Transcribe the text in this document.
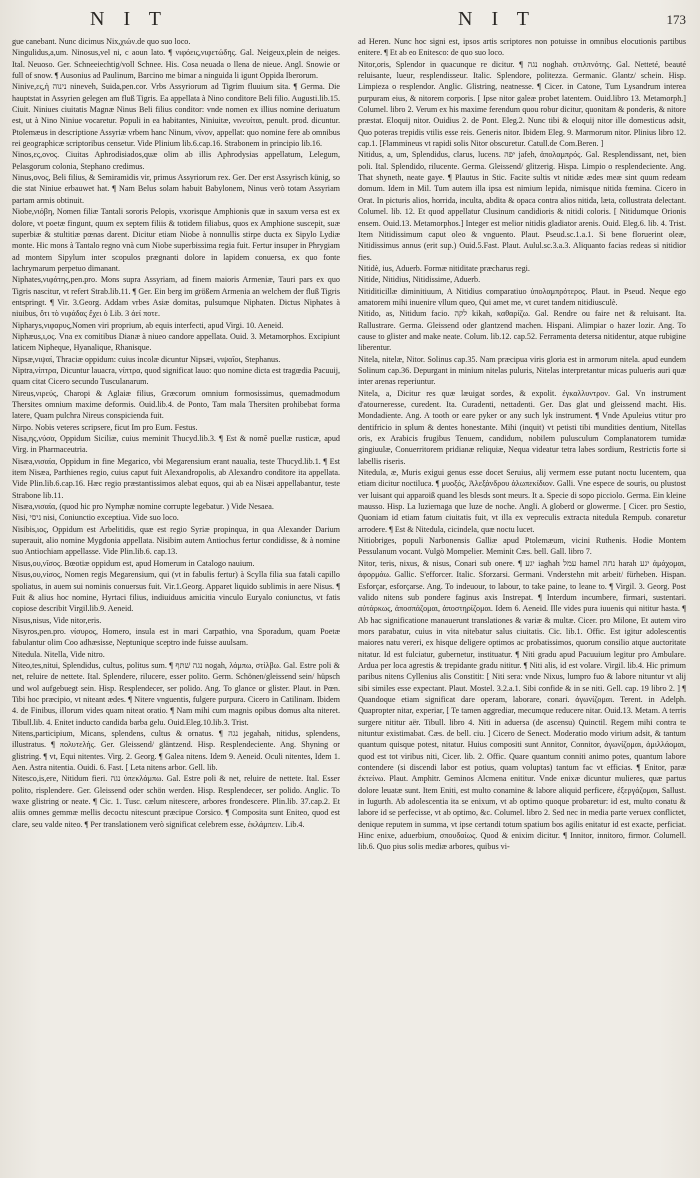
N I T	N I T	173

gue canebant. Nunc dicimus Nix,χιών.de quo suo loco.

Ningulidus,a,um. Ninosus,vel ni, c aoun lato. ¶ νιφόεις,νιφετώδης. Gal. Neigeux,plein de neiges. Ital. Neuoso. Ger. Schneeiechtig/voll Schnee. His. Cosa neuada o llena de nieue. Angl. Snowie or full of snow. ¶ Ausonius ad Paulinum, Barcino me bimar a ninguida li igunt Oppida Iberorum.

Ninive,ες,ἡ נינוה nineveh, Suida,pen.cor. Vrbs Assyriorum ad Tigrim fluuium sita. ¶ Germa. Die hauptstat in Assyrien gelegen am fluß Tigris. Ea appellata à Nino conditore Beli filio. Augusti.lib.15. Ciuit. Niniues ciuitatis Magnæ Ninus Beli filius conditor: vnde nomen ex illius nomine deriuatum est, ut à Nino Niniue vocaretur. Populi in ea habitantes, Niniuitæ, νινευίται, penult. prod. dicuntur. Ptolemæus in descriptione Assyriæ vrbem hanc Ninum, νίνον, appellat: quo nomine fere ab omnibus rei geographicæ scriptoribus censetur. Vide Plinium lib.6.cap.16. Strabonem in principio lib.16.

Ninos,ες,ονος. Ciuitas Aphrodisiados,quæ olim ab illis Aphrodysias appellatum, Lelegum, Pelasgorum colonia, Stephano credimus.

Ninus,ονος, Beli filius, & Semiramidis vir, primus Assyriorum rex. Ger. Der erst Assyrisch künig, so die stat Niniue erbauwet hat. ¶ Nam Belus solam habuit Babylonem, Ninus verò totam Assyriam partam armis obtinuit.

Niobe,νιόβη, Nomen filiæ Tantali sororis Pelopis, vxorisque Amphionis quæ in saxum versa est ex dolore, vt poetæ fingunt, quum ex septem filiis & totidem filiabus, quos ex Amphione suscepit, suæ superbiæ & stultitiæ pœnas darent. Dicitur etiam Niobe à nonnullis stirpe ducta ex Sipylo Lydiæ monte. Hic mons à Tantalo regno vnà cum Niobe superbissima regia fuit. Fertur insuper in Phrygiam ad montem Sipylum inter scopulos prægnanti dolore in lapidem conuersa, ex quo fonte lachrymarum perpetuo dimanant.

Niphates,νιφάτης,pen.pro. Mons supra Assyriam, ad finem maioris Armeniæ, Tauri pars ex quo Tigris nascitur, vt refert Strab.lib.11. ¶ Ger. Ein berg im größern Armenia an welchem der fluß Tigris entspringt. ¶ Vir. 3.Georg. Addam vrbes Asiæ domitas, pulsumque Niphaten. Dictus Niphates à niuibus, ὅτι τὸ νιφάδας ἔχει ὁ Lib. 3 ἀεί ποτε.

Nipharys,νιφαρυς,Nomen viri proprium, ab equis interfecti, apud Virgi. 10. Aeneid.

Niphæus,ι,ος. Vna ex comitibus Dianæ à niueo candore appellata. Ouid. 3. Metamorphos. Excipiunt laticem Nipheque, Hyanalique, Rhanisque.

Nipsæ,νιψαί, Thraciæ oppidum: cuius incolæ dicuntur Nipsæi, νιψαῖοι, Stephanus.

Niptra,νίπτρα, Dicuntur lauacra, νίπτρα, quod significat lauo: quo nomine dicta est tragœdia Pacuuij, quam citat Cicero secundo Tusculanarum.

Nireus,νιρεύς, Charopi & Aglaiæ filius, Græcorum omnium formosissimus, quemadmodum Thersites omnium maxime deformis. Ouid.lib.4. de Ponto, Tam mala Thersiten prohibebat forma latere, Quam pulchra Nireus conspicienda fuit.

Nirpo. Nobis veteres scripsere, ficut Im pro Eum. Festus.

Nisa,ης,νύσα, Oppidum Siciliæ, cuius meminit Thucyd.lib.3. ¶ Est & nomē puellæ rusticæ, apud Virg. in Pharmaceutria.

Nisæa,νισαία, Oppidum in fine Megarico, vbi Megarensium erant naualia, teste Thucyd.lib.1. ¶ Est item Nisæa, Parthienes regio, cuius caput fuit Alexandropolis, ab Alexandro conditore ita appellata. Vide Plin.lib.6.cap.16. Hæc regio præstantissimos alebat equos, qui ab ea Nisæi appellabantur, teste Strabone lib.11.

Nisæa,νισαία, (quod hic pro Nymphæ nomine corrupte legebatur. ) Vide Nesaea.

Nisi, ניסי nisi, Coniunctio exceptiua. Vide suo loco.

Nisibis,ιος, Oppidum est Arbelitidis, quæ est regio Syriæ propinqua, in qua Alexander Darium superauit, alio nomine Mygdonia appellata. Nisibim autem Antiochus fertur condidisse, & à nomine suo Antiochiam appellasse. Vide Plin.lib.6. cap.13.

Nisus,ου,νῖσος. Bœotiæ oppidum est, apud Homerum in Catalogo nauium.

Nisus,ου,νίσος, Nomen regis Megarensium, qui (vt in fabulis fertur) à Scylla filia sua fatali capillo spoliatus, in auem sui nominis conuersus fuit. Vir.1.Georg. Apparet liquido sublimis in aere Nisus. ¶ Fuit & alius hoc nomine, Hyrtaci filius, indiuiduus amicitia vinculo Euryalo coniunctus, vt fatis copiose describit Virgil.lib.9. Aeneid.

Nisus,nisus, Vide nitor,eris.

Nisyros,pen.pro. νίσυρος, Homero, insula est in mari Carpathio, vna Sporadum, quam Poetæ fabulantur olim Coo adhæsisse, Neptunique sceptro inde fuisse auulsam.

Nitedula. Nitella, Vide nitro.

Niteo,tes,nitui, Splendidus, cultus, politus sum. ¶ נגה שׁתּף nogah, λάμπω, στίλβω. Gal. Estre poli & net, reluire de nettete. Ital. Splendere, rilucere, esser polito. Germ. Schönen/gleissend sein/ hüpsch und wol aufgebuegt sein. Hisp. Resplendecer, ser polido. Ang. To glance or glister. Plaut. in Pœn. Tibi hoc præcipio, vt niteant ædes. ¶ Nitere vnguentis, fulgere purpura. Cicero in Catilinam. Ibidem 4. de Finibus, illorum vides quam niteat oratio. ¶ Nam mihi cum magnis opibus domus alta niteret. Tibull.lib. 4. Enitet inducto candida barba gelu. Ouid.Eleg.10.lib.3. Trist.

Nitens,participium, Micans, splendens, cultus & ornatus. ¶ נגה jegahah, nitidus, splendens, illustratus. ¶ πολυτελής. Ger. Gleissend/ gläntzend. Hisp. Resplendeciente. Ang. Shyning or glistring. ¶ vt, Equi nitentes. Virg. 2. Georg. ¶ Galea nitens. Idem 9. Aeneid. Oculi nitentes, Idem 1. Aen. Astra nitentia. Ouidi. 6. Fast. [ Leta nitens arbor. Gell. lib.

Nitesco,is,ere, Nitidum fieri. נגה ὑπεκλάμπω. Gal. Estre poli & net, reluire de nettete. Ital. Esser polito, risplendere. Ger. Gleissend oder schön werden. Hisp. Resplendecer, ser polido. Anglic. To waxe glistring or neate. ¶ Cic. 1. Tusc. cælum nitescere, arbores frondescere. Plin.lib. 37.cap.2. Et aliis omnes gemmæ mellis decoctu nitescunt præcipue Corsico. ¶ Composita sunt Eniteo, quod est clare, seu valde niteo. ¶ Per translationem verò significat celebrem esse, ἐκλάμπειν. Lib.4.

ad Heren. Nunc hoc signi est, ipsos artis scriptores non potuisse in omnibus elocutionis partibus enitere. ¶ Et ab eo Enitesco: de quo suo loco.

Nitor,oris, Splendor in quacunque re dicitur. ¶ נגה noghah. στιλπνότης. Gal. Netteté, beauté reluisante, lueur, resplendisseur. Italic. Splendore, politezza. Germanic. Glantz/ schein. Hisp. Limpieza o resplendor. Anglic. Glistring, neatnesse. ¶ Cicer. in Catone, Tum Lysandrum interea purpuram eius, & nitorem corporis. [ Ipse nitor galeæ probet latentem. Ouid.libro 13. Metamorph.] Columel. libro 2. Verum ex his maxime ferendum quou robur dicitur, quonitam & ponderis, & nitore præstat. Eloquij nitor. Ouidius 2. de Pont. Eleg.2. Nunc tibi & eloquij nitor ille domesticus adsit, Quo poteras trepidis vtilis esse reis. Generis nitor. Ibidem Eleg. 9. Marmorum nitor. Plinius libro 12. cap.1. [Flammineus vt rapidi solis Nitor obscuretur. Catull.de Com.Beren. ]

Nitidus, a, um, Splendidus, clarus, lucens. יפה jafeh, ἀπολαμπρός. Gal. Resplendissant, net, bien poli. Ital. Splendido, rilucente. Germa. Gleissend/ glitzerig. Hispa. Limpio o resplendeciente. Ang. That shyneth, neate gaye. ¶ Plautus in Stic. Facite sultis vt nitidæ ædes meæ sint quum redeam domum. Idem in Mil. Tum autem illa ipsa est nimium lepida, nimisque nitida fœmina. Cicero in Orat. In picturis alios, horrida, inculta, abdita & opaca contra alios nitida, læta, collustrata delectant. Columel. lib. 12. Et quod appellatur Clusinum candidioris & nitidi coloris. [ Nitidumque Orionis ensem. Ouid.13. Metamorphos.] Integer est melior nitidis gladiator arenis. Ouid. Eleg.6. lib. 4. Trist. Item Nitidissimum caput oleo & vnguento. Plaut. Pseud.sc.1.a.1. Si bene floruerint oleæ, Nitidissimus annus (erit sup.) Ouid.5.Fast. Plaut. Aulul.sc.3.a.3. Aliquanto facias redeas si nitidior fies.

Nitidè, ius, Aduerb. Formæ nitiditate præcharus regi.

Nitide, Nitidius, Nitidissime, Aduerb.

Nitiditicillæ diminitiuum, A Nitidius comparatiuo ὑπολαμπρότερος. Plaut. in Pseud. Neque ego amatorem mihi inuenire vllum queo, Qui amet me, vt curet tandem nitidiusculè.

Nitido, as, Nitidum facio. לקה kikah, καθαρίζω. Gal. Rendre ou faire net & reluisant. Ita. Rallustrare. Germa. Gleissend oder glantzend machen. Hispani. Alimpiar o hazer lozir. Ang. To cause to glister and make neate. Colum. lib.12. cap.52. Ferramenta detersa nitidentur, atque rubigine liberentur.

Nitela, nitelæ, Nitor. Solinus cap.35. Nam præcipua viris gloria est in armorum nitela. apud eundem Solinum cap.36. Depurgant in minium nitelas puluris, Nitelas interpretantur micas pulueris auri quæ inter arenas reperiuntur.

Nitela, a, Dicitur res quæ læuigat sordes, & expolit. ἐγκαλλυντρον. Gal. Vn instrument d'atourneresse, curedent. Ita. Curadenti, nettadenti. Ger. Das glat und gleissend macht. His. Mondadiente. Ang. A tooth or eare pyker or any such lyk instrument. ¶ Vnde Apuleius vtitur pro dentifricio in splum & dentes honestante. Mihi (inquit) vt petisti tibi mundities dentium, Nitellas oris, ex Arabicis frugibus Tenuem, candidum, nobilem pulusculum Complanatorem tumidæ gingiuulæ, Conuerritorem pridianæ reliquiæ, Nequa videatur tetra labes sordium, Restrictis forte si labellis riseris.

Nitedula, æ, Muris exigui genus esse docet Seruius, alij vermem esse putant noctu lucentem, qua etiam dicitur noctiluca. ¶ μυοξός, Ἀλεξάνδρου ἀλωπεκίδιον. Galli. Vne espece de souris, ou plustost ver luisant qui apparoiß quand les blesds sont meurs. It a. Specie di sopo picciolo. Germa. Ein kleine mausso. Hisp. La luziernaga que luze de noche. Angli. A globerd or glowerme. [ Cicer. pro Sestio, Quoniam id etiam fatum ciuitatis fuit, vt illa ex vepreculis extracta nitedula Rempub. conaretur arrodere. ¶ Est & Nitedula, cicindela, quæ noctu lucet.

Nitiobriges, populi Narbonensis Galliæ apud Ptolemæum, vicini Ruthenis. Hodie Montem Pessulanum vocant. Vulgò Mompelier. Meminit Cæs. bell. Gall. libro 7.

Nitor, teris, nixus, & nisus, Conari sub onere. ¶ יגע iagħah עמל hamel נחה harah יגע ἀμάχομαι, ἀφορμάω. Gallic. S'efforcer. Italic. Sforzarsi. Germani. Vnderstehn mit arbeit/ fürheben. Hispan. Esforçar, esforçarse. Ang. To indeuour, to labour, to take paine, to leane to. ¶ Virgil. 3. Georg. Post valido nitens sub pondere faginus axis Instrepat. ¶ Interdum incumbere, firmari, sustentari. αὐτάρκως, ἀποσπάζομαι, ἀποστηρίζομαι. Idem 6. Aeneid. Ille vides pura iuuenis qui nititur hasta. ¶ Ab hac significatione manauerunt translationes & variæ & multæ. Cicer. pro Milone, Et autem viro mors parabatur, cuius in vita nitebatur salus ciuitatis. Cic. lib.1. Offic. Est igitur adolescentis maiores natu vereri, ex hisque deligere optimos ac probatissimos, quorum consilio atque auctoritate nitatur. Id est fulciatur, gubernetur, instituatur. ¶ Niti gradu apud Pacuuium legitur pro Ambulare. Ardua per loca agrestis & trepidante gradu nititur. ¶ Niti alis, id est volare. Virgil. lib.4. Hic primum paribus nitens Cyllenius alis Constitit: [ Niti sera: vnde Nixus, lumpro fuo & labore nituntur vt alij sibi similes esse expectant. Plaut. Mostel. 3.2.a.1. Sibi confide & in se niti. Gell. cap. 19 libro 2. ] ¶ Quandoque etiam significat dare operam, laborare, conari. ἀγωνίζομαι. Terent. in Adelph. Quapropter nitar, experiar, [ Te tamen aggrediar, mecumque reducere nitar. Ouid.13. Metam. A terris surgere nititur aër. Tibull. libro 4. Niti in aduersa (de ascensu) Quinctil. Regem mihi contra te nituntur existimabat. Cæs. de bell. ciu. ] Cicero de Senect. Moderatio modo virium adsit, & tantum quantum quisque potest, nitatur. Huius compositi sunt Annitor, Connitor, ἀγωνίζομαι, ἀμιλλάομαι, quod est tot viribus niti, Cicer. lib. 2. Offic. Quare quantum conniti animo potes, quantum labore contendere (si discendi labor est potius, quam voluptas) tantum fac vt efficias. ¶ Enitor, paræ ἐκτείνω. Plaut. Amphitr. Geminos Alcmena enititur. Vnde enixæ dicuntur mulieres, quæ partus dolore leuatæ sunt. Item Eniti, est multo conamine & labore aliquid perficere, ἐξεργάζομαι, Sallust. in Iugurth. Ab adolescentia ita se enixum, vt ab optimo quoque probaretur: id est, multo conatu & labore id se perfecisse, vt ab optimo, &c. Columel. libro 2. Sed nec in media parte veruex conflictet, denique reputem in summa, vt ipse certandi totum spatium bos agilis enitatur id est exacte, perficiat. Hinc enixe, aduerbium, σπουδαίως. Quod & enixim dicitur. ¶ Innitor, innitoro, firmor. Columell. lib.6. Quo pius solis mediæ arbores, quibus vi-
